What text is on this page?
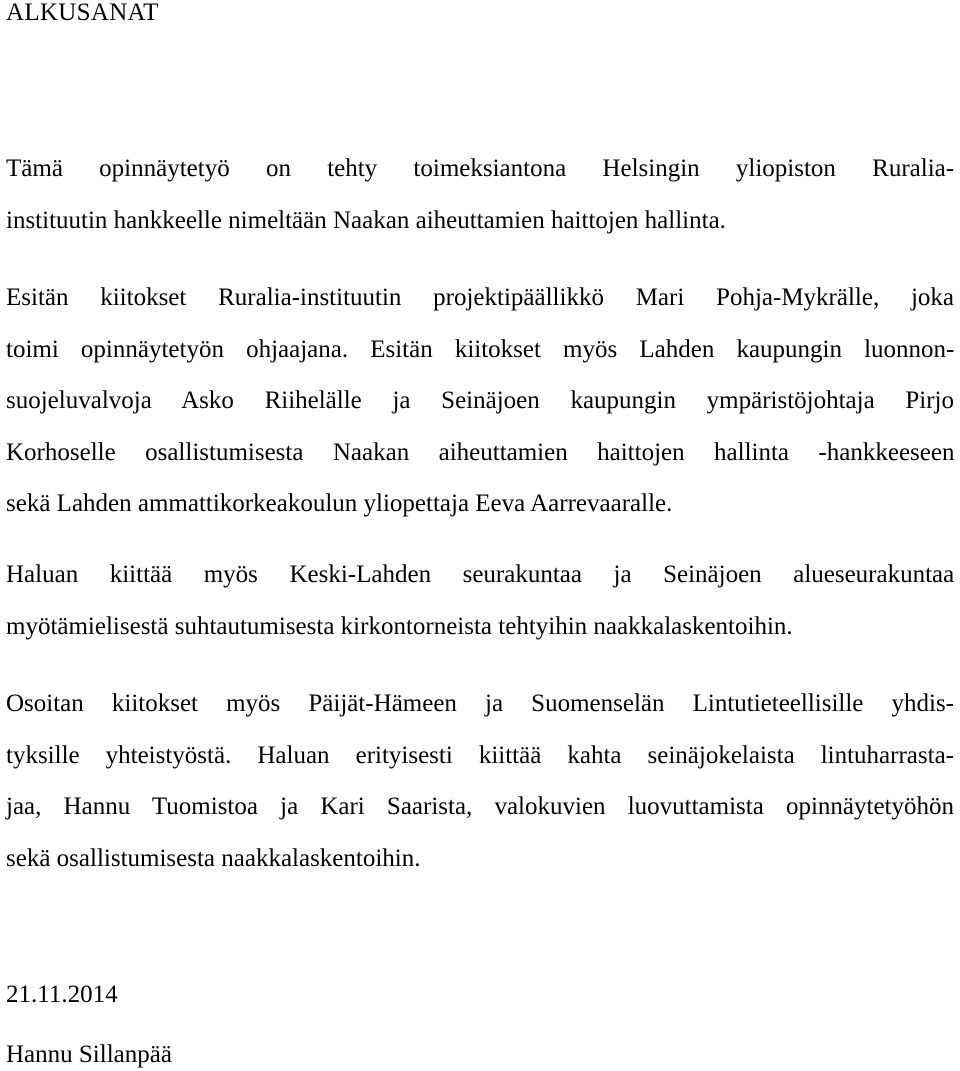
ALKUSANAT
Tämä opinnäytetyö on tehty toimeksiantona Helsingin yliopiston Ruralia-
instituutin hankkeelle nimeltään Naakan aiheuttamien haittojen hallinta.
Esitän kiitokset Ruralia-instituutin projektipäällikkö Mari Pohja-Mykrälle, joka
toimi opinnäytetyön ohjaajana. Esitän kiitokset myös Lahden kaupungin luonnon-
suojeluvalvoja Asko Riihelälle ja Seinäjoen kaupungin ympäristöjohtaja Pirjo
Korhoselle osallistumisesta Naakan aiheuttamien haittojen hallinta -hankkeeseen
sekä Lahden ammattikorkeakoulun yliopettaja Eeva Aarrevaaralle.
Haluan kiittää myös Keski-Lahden seurakuntaa ja Seinäjoen alueseurakuntaa
myötämielisestä suhtautumisesta kirkontorneista tehtyihin naakkalaskentoihin.
Osoitan kiitokset myös Päijät-Hämeen ja Suomenselän Lintutieteellisille yhdis-
tyksille yhteistyöstä. Haluan erityisesti kiittää kahta seinäjokelaista lintuharrasta-
jaa, Hannu Tuomistoa ja Kari Saarista, valokuvien luovuttamista opinnäytetyöhön
sekä osallistumisesta naakkalaskentoihin.
21.11.2014
Hannu Sillanpää
